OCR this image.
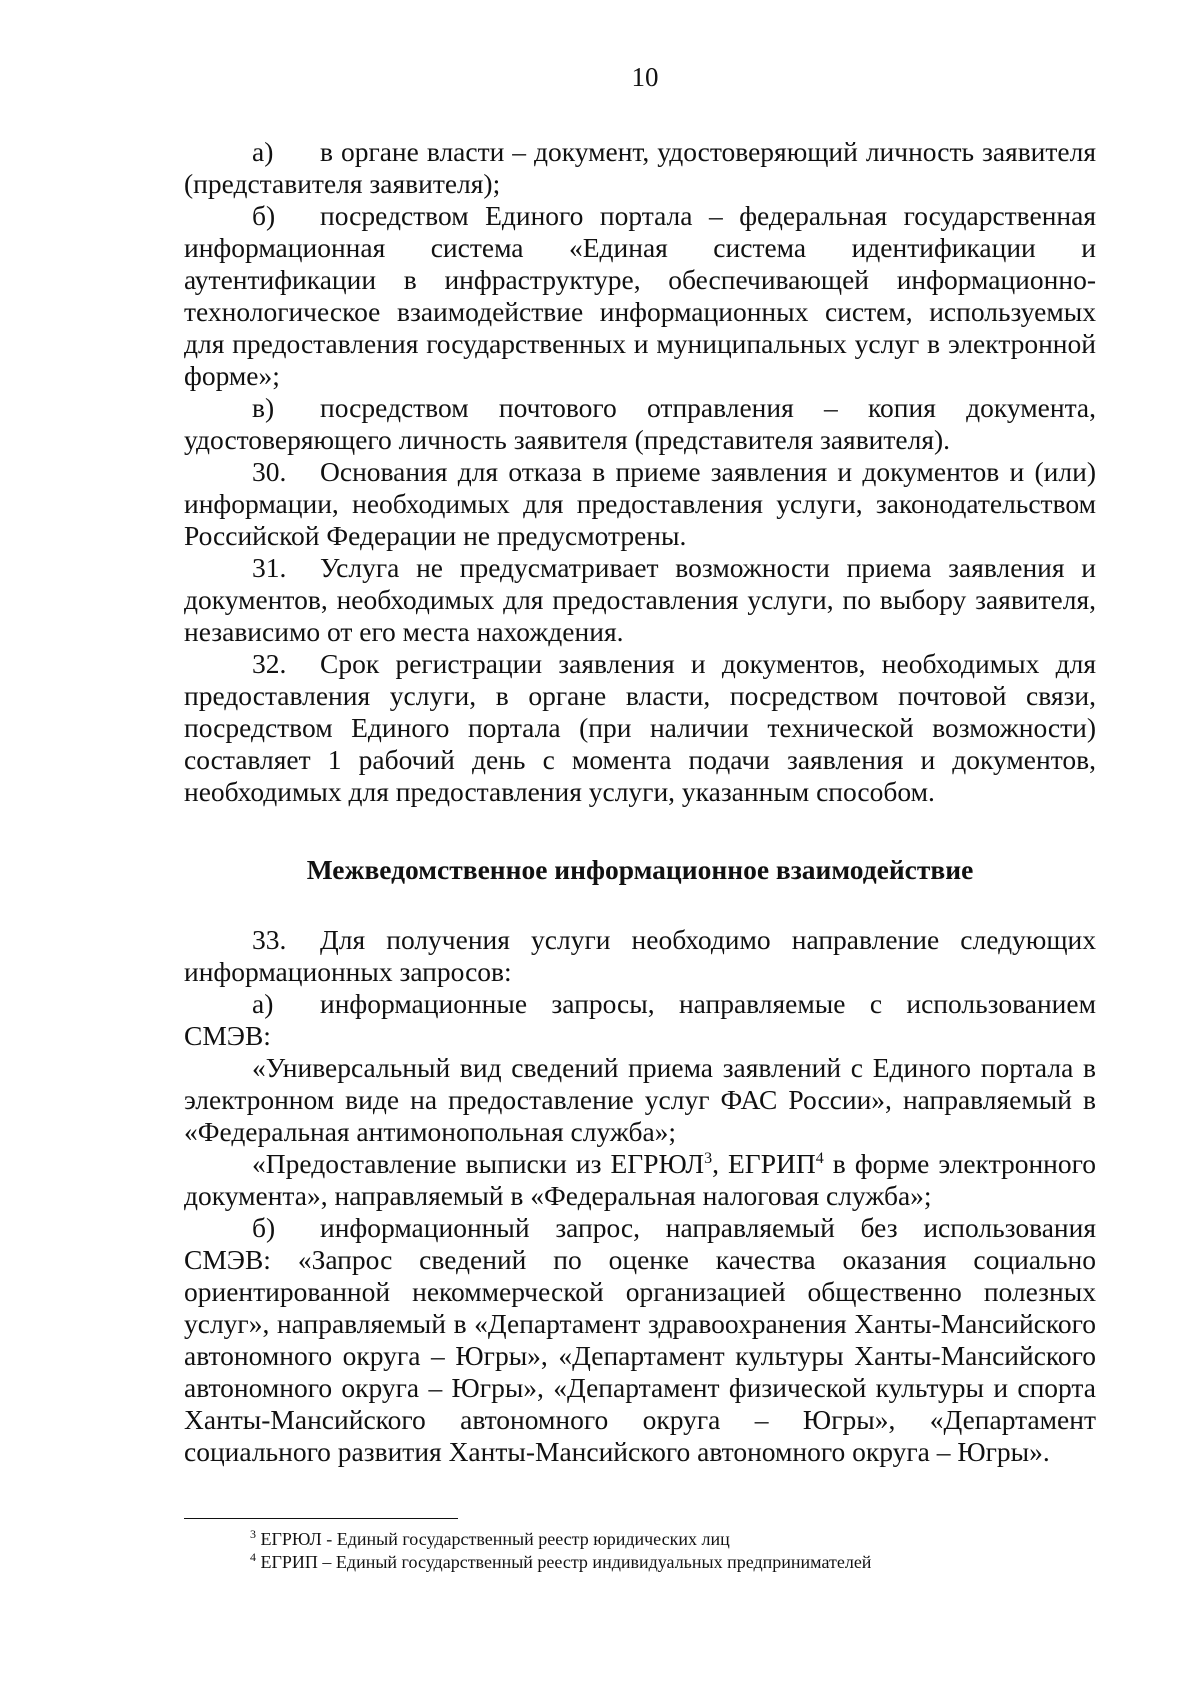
10

а) в органе власти – документ, удостоверяющий личность заявителя (представителя заявителя);

б) посредством Единого портала – федеральная государственная информационная система «Единая система идентификации и аутентификации в инфраструктуре, обеспечивающей информационно-технологическое взаимодействие информационных систем, используемых для предоставления государственных и муниципальных услуг в электронной форме»;

в) посредством почтового отправления – копия документа, удостоверяющего личность заявителя (представителя заявителя).

30. Основания для отказа в приеме заявления и документов и (или) информации, необходимых для предоставления услуги, законодательством Российской Федерации не предусмотрены.

31. Услуга не предусматривает возможности приема заявления и документов, необходимых для предоставления услуги, по выбору заявителя, независимо от его места нахождения.

32. Срок регистрации заявления и документов, необходимых для предоставления услуги, в органе власти, посредством почтовой связи, посредством Единого портала (при наличии технической возможности) составляет 1 рабочий день с момента подачи заявления и документов, необходимых для предоставления услуги, указанным способом.

Межведомственное информационное взаимодействие

33. Для получения услуги необходимо направление следующих информационных запросов:

а) информационные запросы, направляемые с использованием СМЭВ:

«Универсальный вид сведений приема заявлений с Единого портала в электронном виде на предоставление услуг ФАС России», направляемый в «Федеральная антимонопольная служба»;

«Предоставление выписки из ЕГРЮЛ$^3$, ЕГРИП$^4$ в форме электронного документа», направляемый в «Федеральная налоговая служба»;

б) информационный запрос, направляемый без использования СМЭВ: «Запрос сведений по оценке качества оказания социально ориентированной некоммерческой организацией общественно полезных услуг», направляемый в «Департамент здравоохранения Ханты-Мансийского автономного округа – Югры», «Департамент культуры Ханты-Мансийского автономного округа – Югры», «Департамент физической культуры и спорта Ханты-Мансийского автономного округа – Югры», «Департамент социального развития Ханты-Мансийского автономного округа – Югры».

$^3$ ЕГРЮЛ - Единый государственный реестр юридических лиц
$^4$ ЕГРИП – Единый государственный реестр индивидуальных предпринимателей
